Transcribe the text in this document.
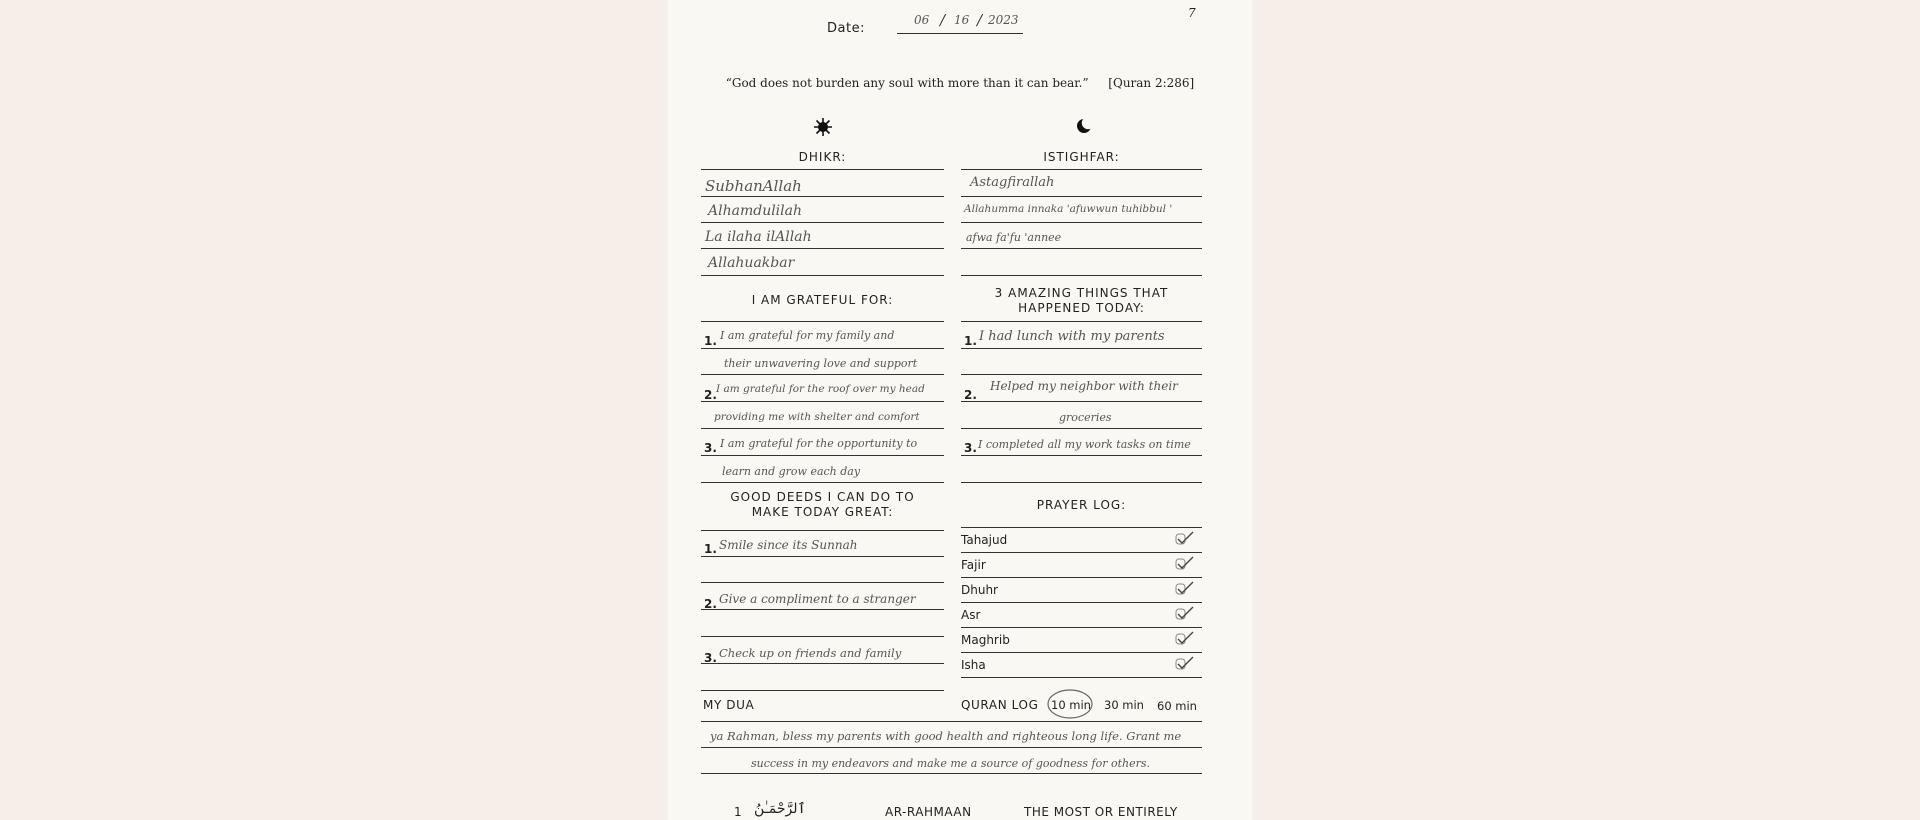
7
Date:
06 / 16 / 2023
“God does not burden any soul with more than it can bear.” [Quran 2:286]
DHIKR:
SubhanAllah
Alhamdulilah
La ilaha ilAllah
Allahuakbar
ISTIGHFAR:
Astagfirallah
Allahumma innaka 'afuwwun tuhibbul '
afwa fa'fu 'annee
I AM GRATEFUL FOR:
1. I am grateful for my family and
their unwavering love and support
2. I am grateful for the roof over my head
providing me with shelter and comfort
3. I am grateful for the opportunity to
learn and grow each day
3 AMAZING THINGS THAT
HAPPENED TODAY:
1. I had lunch with my parents
2.
Helped my neighbor with their
groceries
3. I completed all my work tasks on time
GOOD DEEDS I CAN DO TO
MAKE TODAY GREAT:
1. Smile since its Sunnah
2. Give a compliment to a stranger
3. Check up on friends and family
PRAYER LOG:
Tahajud
Fajir
Dhuhr
Asr
Maghrib
Isha
MY DUA	QURAN LOG 10 min 30 min 60 min
ya Rahman, bless my parents with good health and righteous long life. Grant me
success in my endeavors and make me a source of goodness for others.
1 ٱلرَّحْمَـٰنُ	AR-RAHMAAN	THE MOST OR ENTIRELY
